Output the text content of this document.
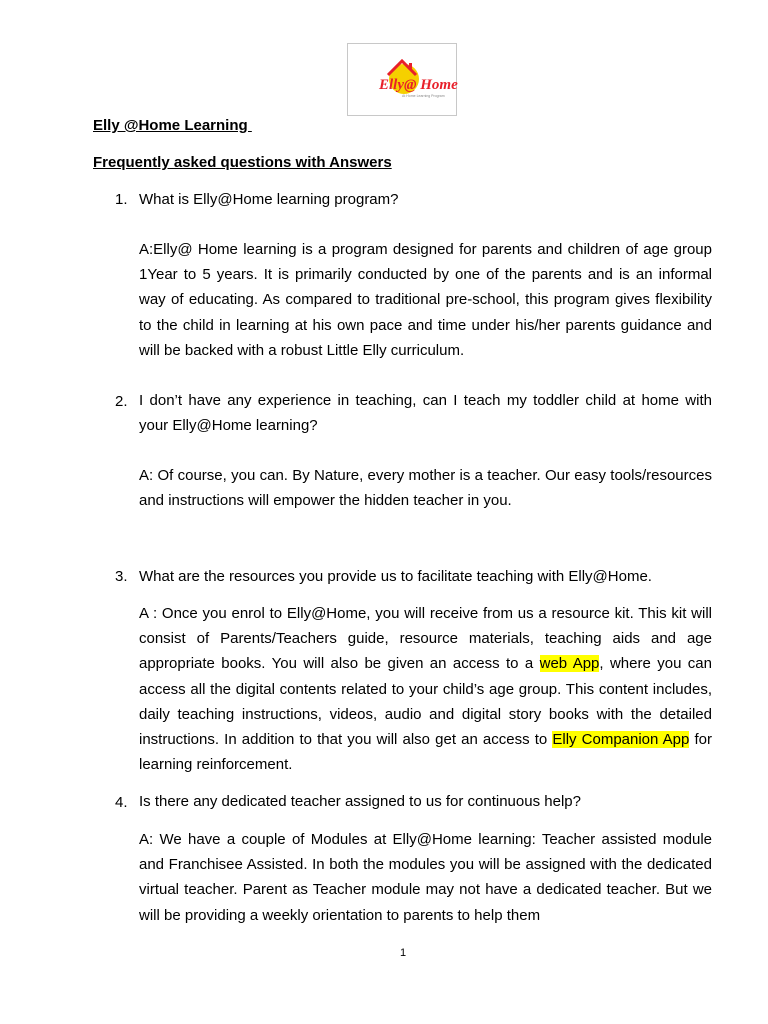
Elly@ Home
At Home Learning Program
Elly @Home Learning
Frequently asked questions with Answers
1. What is Elly@Home learning program?
A:Elly@ Home learning is a program designed for parents and children of age group 1Year to 5 years. It is primarily conducted by one of the parents and is an informal way of educating. As compared to traditional pre-school, this program gives flexibility to the child in learning at his own pace and time under his/her parents guidance and will be backed with a robust Little Elly curriculum.
2. I don’t have any experience in teaching, can I teach my toddler child at home with your Elly@Home learning?
A: Of course, you can. By Nature, every mother is a teacher. Our easy tools/resources and instructions will empower the hidden teacher in you.
3. What are the resources you provide us to facilitate teaching with Elly@Home.
A : Once you enrol to Elly@Home, you will receive from us a resource kit. This kit will consist of Parents/Teachers guide, resource materials, teaching aids and age appropriate books. You will also be given an access to a web App, where you can access all the digital contents related to your child’s age group. This content includes, daily teaching instructions, videos, audio and digital story books with the detailed instructions. In addition to that you will also get an access to Elly Companion App for learning reinforcement.
4. Is there any dedicated teacher assigned to us for continuous help?
A: We have a couple of Modules at Elly@Home learning: Teacher assisted module and Franchisee Assisted. In both the modules you will be assigned with the dedicated virtual teacher. Parent as Teacher module may not have a dedicated teacher. But we will be providing a weekly orientation to parents to help them
1
